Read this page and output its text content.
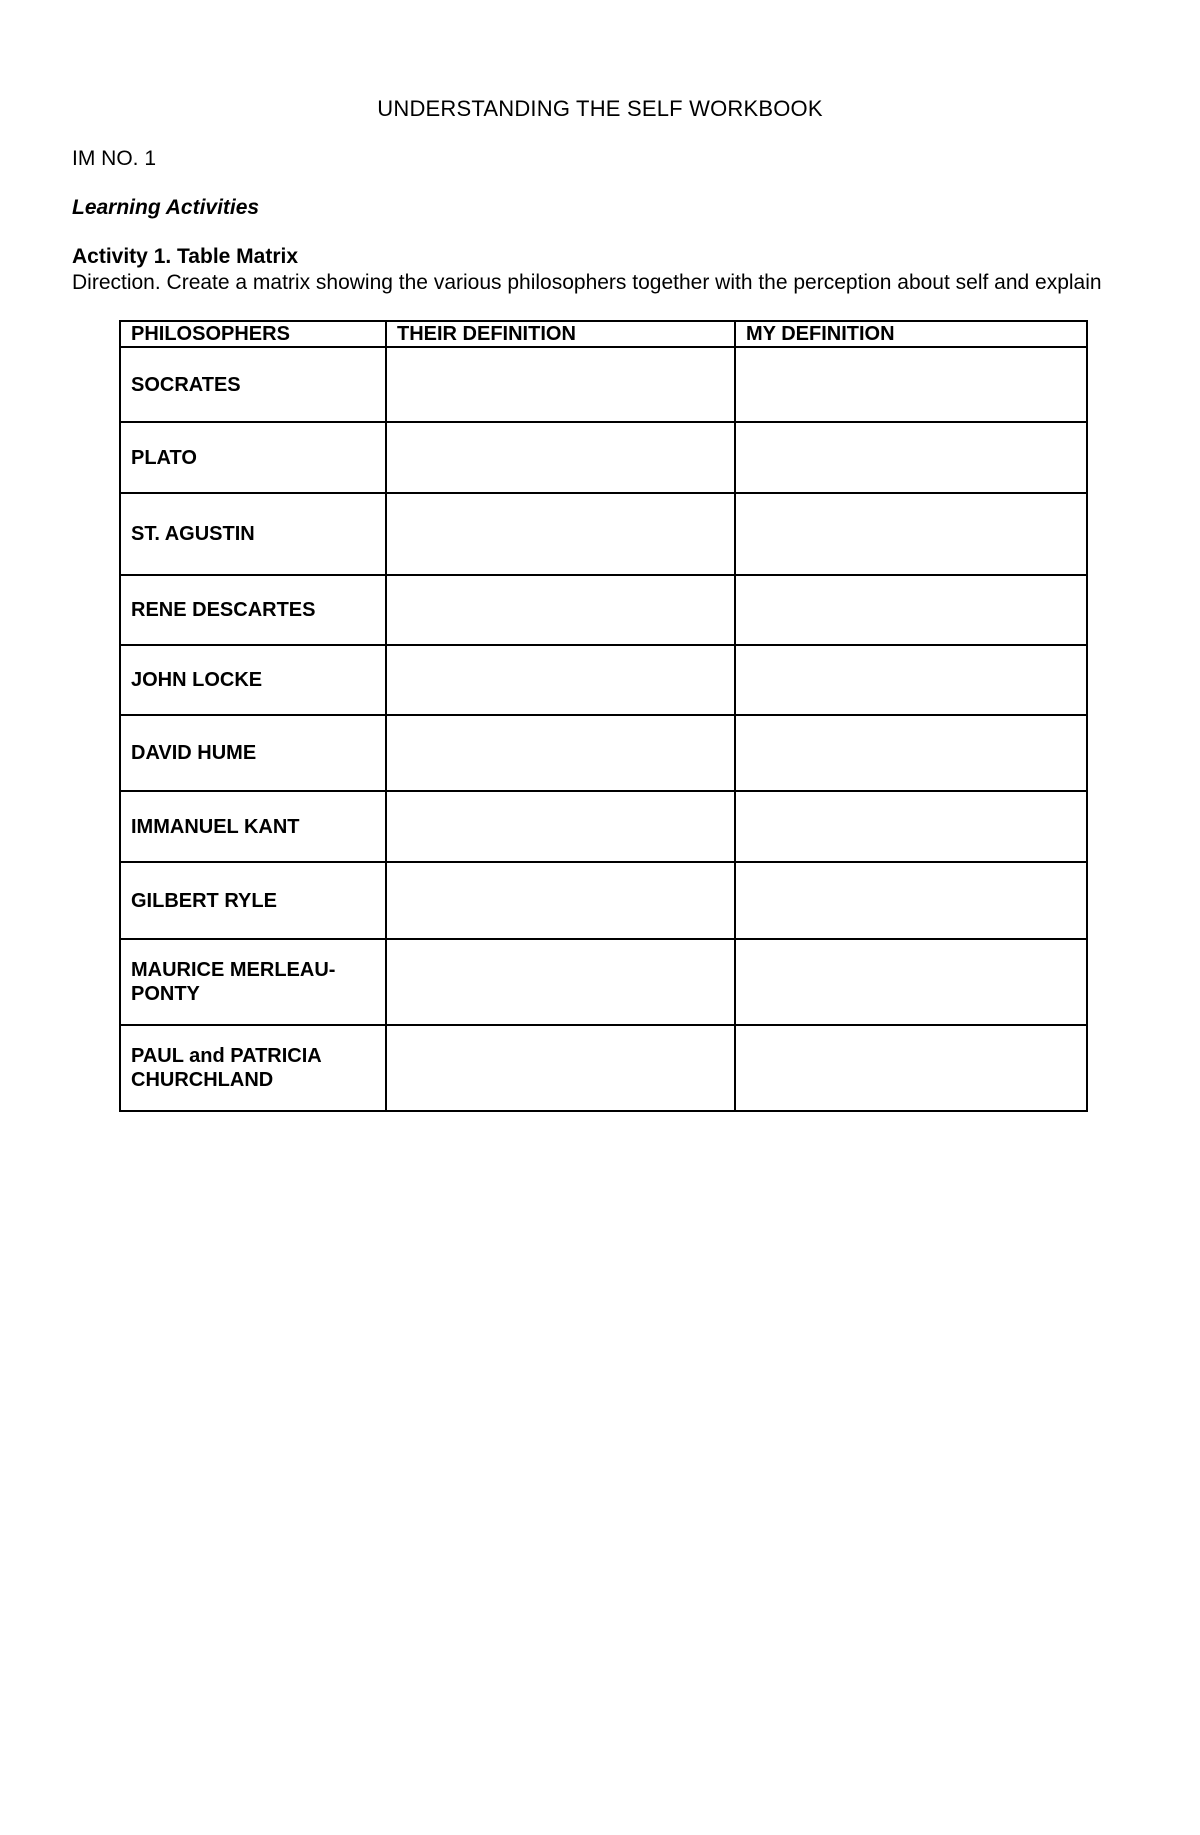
UNDERSTANDING THE SELF WORKBOOK
IM NO. 1
Learning Activities
Activity 1. Table Matrix
Direction. Create a matrix showing the various philosophers together with the perception about self and explain
PHILOSOPHERS	THEIR DEFINITION	MY DEFINITION
SOCRATES		
PLATO		
ST. AGUSTIN		
RENE DESCARTES		
JOHN LOCKE		
DAVID HUME		
IMMANUEL KANT		
GILBERT RYLE		
MAURICE MERLEAU-PONTY		
PAUL and PATRICIA CHURCHLAND		
